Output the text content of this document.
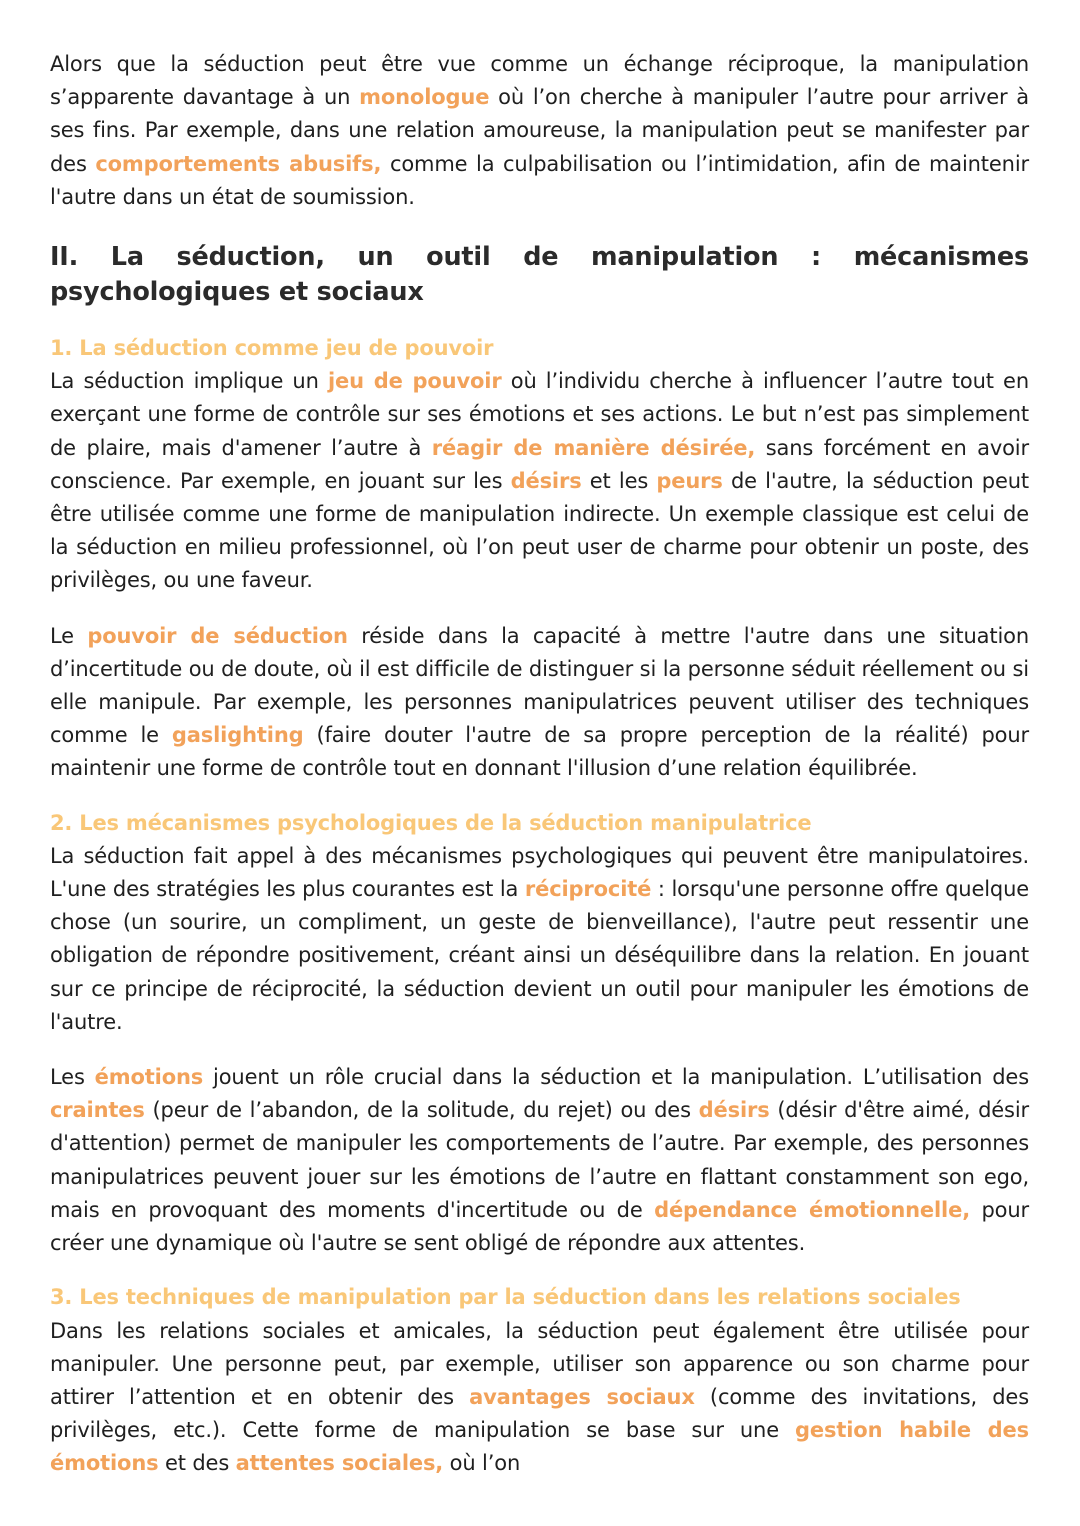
Alors que la séduction peut être vue comme un échange réciproque, la manipulation s’apparente davantage à un monologue où l’on cherche à manipuler l’autre pour arriver à ses fins. Par exemple, dans une relation amoureuse, la manipulation peut se manifester par des comportements abusifs, comme la culpabilisation ou l’intimidation, afin de maintenir l'autre dans un état de soumission.

II. La séduction, un outil de manipulation : mécanismes psychologiques et sociaux
1. La séduction comme jeu de pouvoir

La séduction implique un jeu de pouvoir où l’individu cherche à influencer l’autre tout en exerçant une forme de contrôle sur ses émotions et ses actions. Le but n’est pas simplement de plaire, mais d'amener l’autre à réagir de manière désirée, sans forcément en avoir conscience. Par exemple, en jouant sur les désirs et les peurs de l'autre, la séduction peut être utilisée comme une forme de manipulation indirecte. Un exemple classique est celui de la séduction en milieu professionnel, où l’on peut user de charme pour obtenir un poste, des privilèges, ou une faveur.

Le pouvoir de séduction réside dans la capacité à mettre l'autre dans une situation d’incertitude ou de doute, où il est difficile de distinguer si la personne séduit réellement ou si elle manipule. Par exemple, les personnes manipulatrices peuvent utiliser des techniques comme le gaslighting (faire douter l'autre de sa propre perception de la réalité) pour maintenir une forme de contrôle tout en donnant l'illusion d’une relation équilibrée.

2. Les mécanismes psychologiques de la séduction manipulatrice

La séduction fait appel à des mécanismes psychologiques qui peuvent être manipulatoires. L'une des stratégies les plus courantes est la réciprocité : lorsqu'une personne offre quelque chose (un sourire, un compliment, un geste de bienveillance), l'autre peut ressentir une obligation de répondre positivement, créant ainsi un déséquilibre dans la relation. En jouant sur ce principe de réciprocité, la séduction devient un outil pour manipuler les émotions de l'autre.

Les émotions jouent un rôle crucial dans la séduction et la manipulation. L’utilisation des craintes (peur de l’abandon, de la solitude, du rejet) ou des désirs (désir d'être aimé, désir d'attention) permet de manipuler les comportements de l’autre. Par exemple, des personnes manipulatrices peuvent jouer sur les émotions de l’autre en flattant constamment son ego, mais en provoquant des moments d'incertitude ou de dépendance émotionnelle, pour créer une dynamique où l'autre se sent obligé de répondre aux attentes.

3. Les techniques de manipulation par la séduction dans les relations sociales

Dans les relations sociales et amicales, la séduction peut également être utilisée pour manipuler. Une personne peut, par exemple, utiliser son apparence ou son charme pour attirer l’attention et en obtenir des avantages sociaux (comme des invitations, des privilèges, etc.). Cette forme de manipulation se base sur une gestion habile des émotions et des attentes sociales, où l’on
